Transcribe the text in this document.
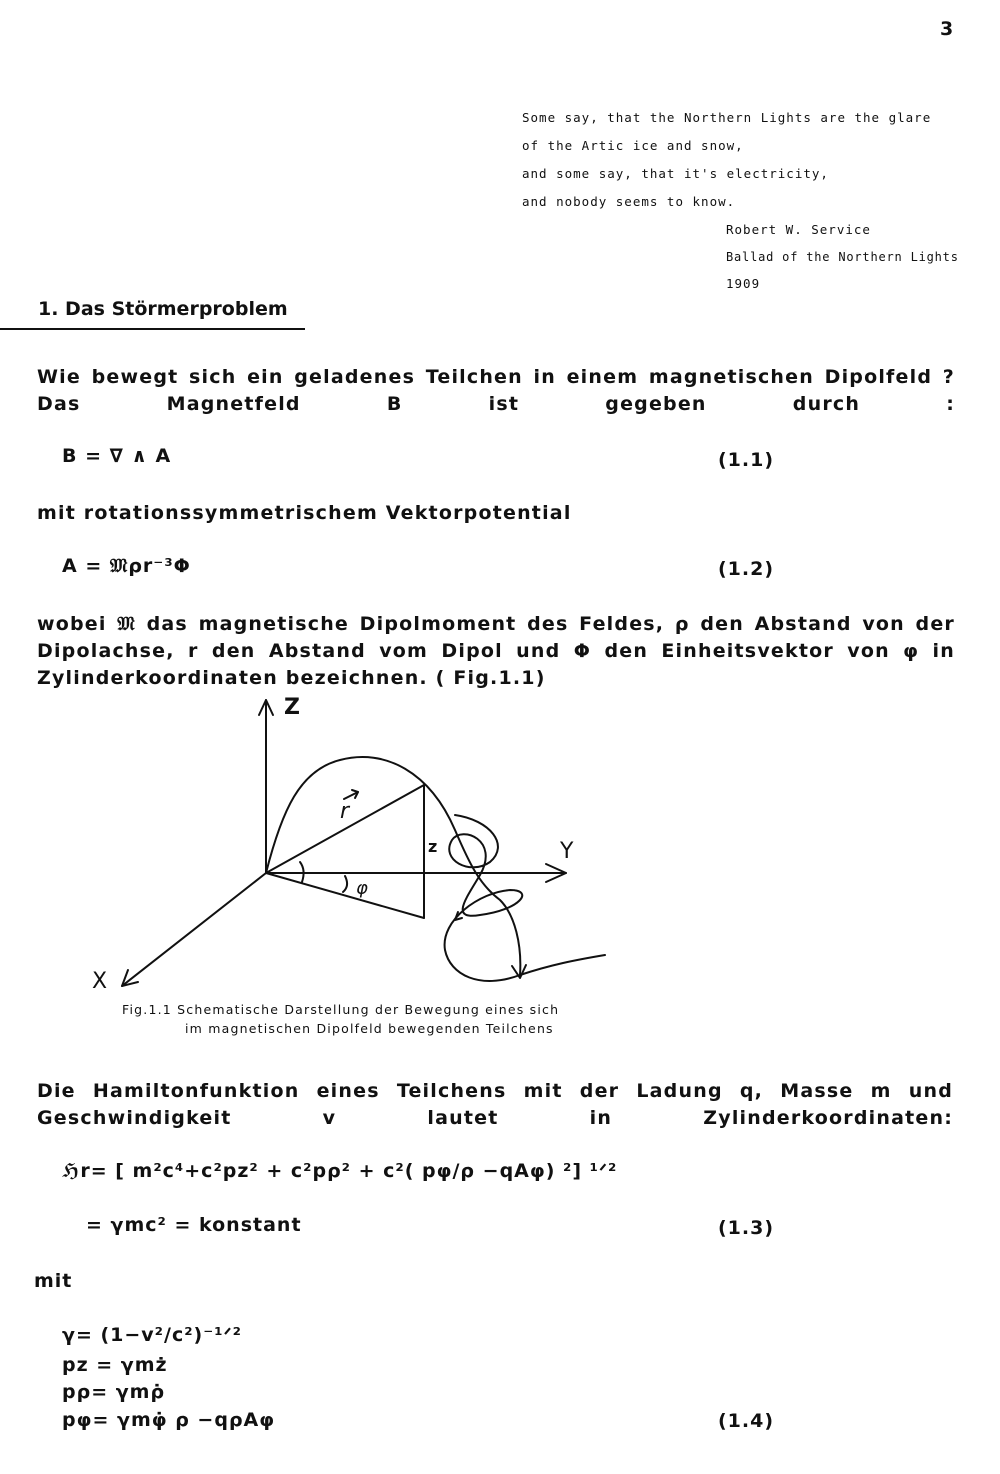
3
Some say, that the Northern Lights are the glare
of the Artic ice and snow,
and some say, that it's electricity,
and nobody seems to know.
Robert W. Service
Ballad of the Northern Lights
1909
1. Das Störmerproblem
Wie bewegt sich ein geladenes Teilchen in einem magnetischen Dipolfeld ? Das Magnetfeld B ist gegeben durch :
B = ∇ ∧ A	(1.1)
mit rotationssymmetrischem Vektorpotential
A = 𝔐ρr⁻³Φ	(1.2)
wobei 𝔐 das magnetische Dipolmoment des Feldes, ρ den Abstand von der Dipolachse, r den Abstand vom Dipol und Φ den Einheitsvektor von φ in Zylinderkoordinaten bezeichnen. ( Fig.1.1)
Z
Y
X
r
z
φ
Fig.1.1 Schematische Darstellung der Bewegung eines sich
im magnetischen Dipolfeld bewegenden Teilchens
Die Hamiltonfunktion eines Teilchens mit der Ladung q, Masse m und Geschwindigkeit v lautet in Zylinderkoordinaten:
ℌr= [ m²c⁴+c²pz² + c²pρ² + c²( pφ/ρ −qAφ) ²] ¹ᐟ²
= γmc² = konstant	(1.3)
mit
γ= (1−v²/c²)⁻¹ᐟ²
pz = γmż
pρ= γmρ̇
pφ= γmφ̇ ρ −qρAφ	(1.4)
